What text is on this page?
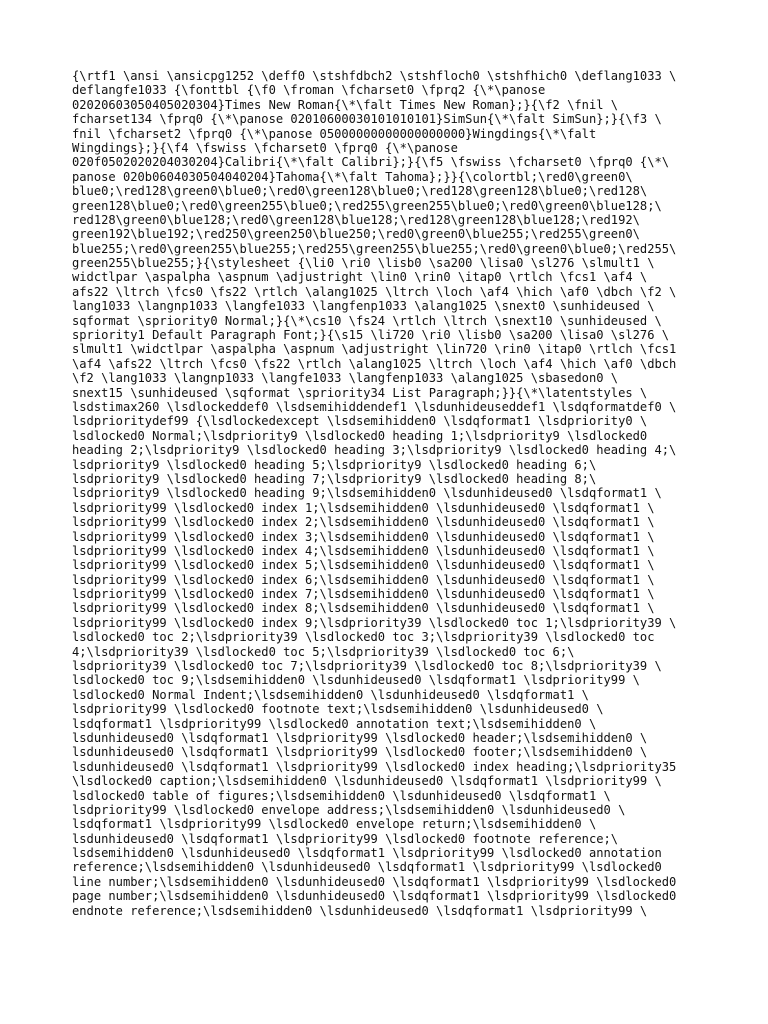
{\rtf1 \ansi \ansicpg1252 \deff0 \stshfdbch2 \stshfloch0 \stshfhich0 \deflang1033 \
deflangfe1033 {\fonttbl {\f0 \froman \fcharset0 \fprq2 {\*\panose
02020603050405020304}Times New Roman{\*\falt Times New Roman};}{\f2 \fnil \
fcharset134 \fprq0 {\*\panose 02010600030101010101}SimSun{\*\falt SimSun};}{\f3 \
fnil \fcharset2 \fprq0 {\*\panose 05000000000000000000}Wingdings{\*\falt
Wingdings};}{\f4 \fswiss \fcharset0 \fprq0 {\*\panose
020f0502020204030204}Calibri{\*\falt Calibri};}{\f5 \fswiss \fcharset0 \fprq0 {\*\
panose 020b0604030504040204}Tahoma{\*\falt Tahoma};}}{\colortbl;\red0\green0\
blue0;\red128\green0\blue0;\red0\green128\blue0;\red128\green128\blue0;\red128\
green128\blue0;\red0\green255\blue0;\red255\green255\blue0;\red0\green0\blue128;\
red128\green0\blue128;\red0\green128\blue128;\red128\green128\blue128;\red192\
green192\blue192;\red250\green250\blue250;\red0\green0\blue255;\red255\green0\
blue255;\red0\green255\blue255;\red255\green255\blue255;\red0\green0\blue0;\red255\
green255\blue255;}{\stylesheet {\li0 \ri0 \lisb0 \sa200 \lisa0 \sl276 \slmult1 \
widctlpar \aspalpha \aspnum \adjustright \lin0 \rin0 \itap0 \rtlch \fcs1 \af4 \
afs22 \ltrch \fcs0 \fs22 \rtlch \alang1025 \ltrch \loch \af4 \hich \af0 \dbch \f2 \
lang1033 \langnp1033 \langfe1033 \langfenp1033 \alang1025 \snext0 \sunhideused \
sqformat \spriority0 Normal;}{\*\cs10 \fs24 \rtlch \ltrch \snext10 \sunhideused \
spriority1 Default Paragraph Font;}{\s15 \li720 \ri0 \lisb0 \sa200 \lisa0 \sl276 \
slmult1 \widctlpar \aspalpha \aspnum \adjustright \lin720 \rin0 \itap0 \rtlch \fcs1
\af4 \afs22 \ltrch \fcs0 \fs22 \rtlch \alang1025 \ltrch \loch \af4 \hich \af0 \dbch
\f2 \lang1033 \langnp1033 \langfe1033 \langfenp1033 \alang1025 \sbasedon0 \
snext15 \sunhideused \sqformat \spriority34 List Paragraph;}}{\*\latentstyles \
lsdstimax260 \lsdlockeddef0 \lsdsemihiddendef1 \lsdunhideuseddef1 \lsdqformatdef0 \
lsdprioritydef99 {\lsdlockedexcept \lsdsemihidden0 \lsdqformat1 \lsdpriority0 \
lsdlocked0 Normal;\lsdpriority9 \lsdlocked0 heading 1;\lsdpriority9 \lsdlocked0
heading 2;\lsdpriority9 \lsdlocked0 heading 3;\lsdpriority9 \lsdlocked0 heading 4;\
lsdpriority9 \lsdlocked0 heading 5;\lsdpriority9 \lsdlocked0 heading 6;\
lsdpriority9 \lsdlocked0 heading 7;\lsdpriority9 \lsdlocked0 heading 8;\
lsdpriority9 \lsdlocked0 heading 9;\lsdsemihidden0 \lsdunhideused0 \lsdqformat1 \
lsdpriority99 \lsdlocked0 index 1;\lsdsemihidden0 \lsdunhideused0 \lsdqformat1 \
lsdpriority99 \lsdlocked0 index 2;\lsdsemihidden0 \lsdunhideused0 \lsdqformat1 \
lsdpriority99 \lsdlocked0 index 3;\lsdsemihidden0 \lsdunhideused0 \lsdqformat1 \
lsdpriority99 \lsdlocked0 index 4;\lsdsemihidden0 \lsdunhideused0 \lsdqformat1 \
lsdpriority99 \lsdlocked0 index 5;\lsdsemihidden0 \lsdunhideused0 \lsdqformat1 \
lsdpriority99 \lsdlocked0 index 6;\lsdsemihidden0 \lsdunhideused0 \lsdqformat1 \
lsdpriority99 \lsdlocked0 index 7;\lsdsemihidden0 \lsdunhideused0 \lsdqformat1 \
lsdpriority99 \lsdlocked0 index 8;\lsdsemihidden0 \lsdunhideused0 \lsdqformat1 \
lsdpriority99 \lsdlocked0 index 9;\lsdpriority39 \lsdlocked0 toc 1;\lsdpriority39 \
lsdlocked0 toc 2;\lsdpriority39 \lsdlocked0 toc 3;\lsdpriority39 \lsdlocked0 toc
4;\lsdpriority39 \lsdlocked0 toc 5;\lsdpriority39 \lsdlocked0 toc 6;\
lsdpriority39 \lsdlocked0 toc 7;\lsdpriority39 \lsdlocked0 toc 8;\lsdpriority39 \
lsdlocked0 toc 9;\lsdsemihidden0 \lsdunhideused0 \lsdqformat1 \lsdpriority99 \
lsdlocked0 Normal Indent;\lsdsemihidden0 \lsdunhideused0 \lsdqformat1 \
lsdpriority99 \lsdlocked0 footnote text;\lsdsemihidden0 \lsdunhideused0 \
lsdqformat1 \lsdpriority99 \lsdlocked0 annotation text;\lsdsemihidden0 \
lsdunhideused0 \lsdqformat1 \lsdpriority99 \lsdlocked0 header;\lsdsemihidden0 \
lsdunhideused0 \lsdqformat1 \lsdpriority99 \lsdlocked0 footer;\lsdsemihidden0 \
lsdunhideused0 \lsdqformat1 \lsdpriority99 \lsdlocked0 index heading;\lsdpriority35
\lsdlocked0 caption;\lsdsemihidden0 \lsdunhideused0 \lsdqformat1 \lsdpriority99 \
lsdlocked0 table of figures;\lsdsemihidden0 \lsdunhideused0 \lsdqformat1 \
lsdpriority99 \lsdlocked0 envelope address;\lsdsemihidden0 \lsdunhideused0 \
lsdqformat1 \lsdpriority99 \lsdlocked0 envelope return;\lsdsemihidden0 \
lsdunhideused0 \lsdqformat1 \lsdpriority99 \lsdlocked0 footnote reference;\
lsdsemihidden0 \lsdunhideused0 \lsdqformat1 \lsdpriority99 \lsdlocked0 annotation
reference;\lsdsemihidden0 \lsdunhideused0 \lsdqformat1 \lsdpriority99 \lsdlocked0
line number;\lsdsemihidden0 \lsdunhideused0 \lsdqformat1 \lsdpriority99 \lsdlocked0
page number;\lsdsemihidden0 \lsdunhideused0 \lsdqformat1 \lsdpriority99 \lsdlocked0
endnote reference;\lsdsemihidden0 \lsdunhideused0 \lsdqformat1 \lsdpriority99 \
